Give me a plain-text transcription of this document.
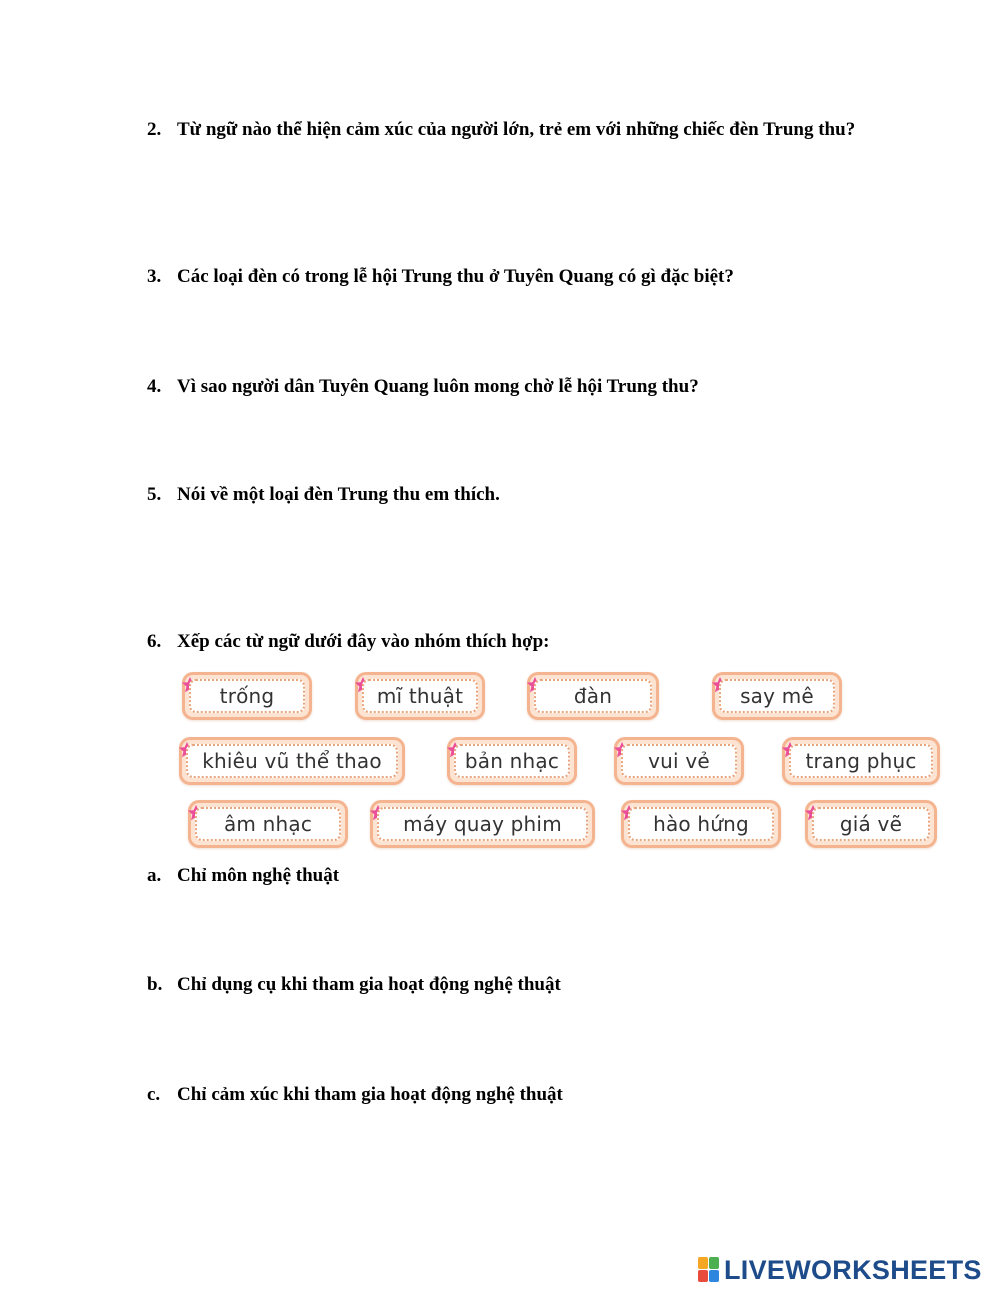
2. Từ ngữ nào thể hiện cảm xúc của người lớn, trẻ em với những chiếc đèn Trung thu?
3. Các loại đèn có trong lễ hội Trung thu ở Tuyên Quang có gì đặc biệt?
4. Vì sao người dân Tuyên Quang luôn mong chờ lễ hội Trung thu?
5. Nói về một loại đèn Trung thu em thích.
6. Xếp các từ ngữ dưới đây vào nhóm thích hợp:
trống	mĩ thuật	đàn	say mê
khiêu vũ thể thao	bản nhạc	vui vẻ	trang phục
âm nhạc	máy quay phim	hào hứng	giá vẽ
a. Chỉ môn nghệ thuật
b. Chỉ dụng cụ khi tham gia hoạt động nghệ thuật
c. Chỉ cảm xúc khi tham gia hoạt động nghệ thuật
LIVEWORKSHEETS
